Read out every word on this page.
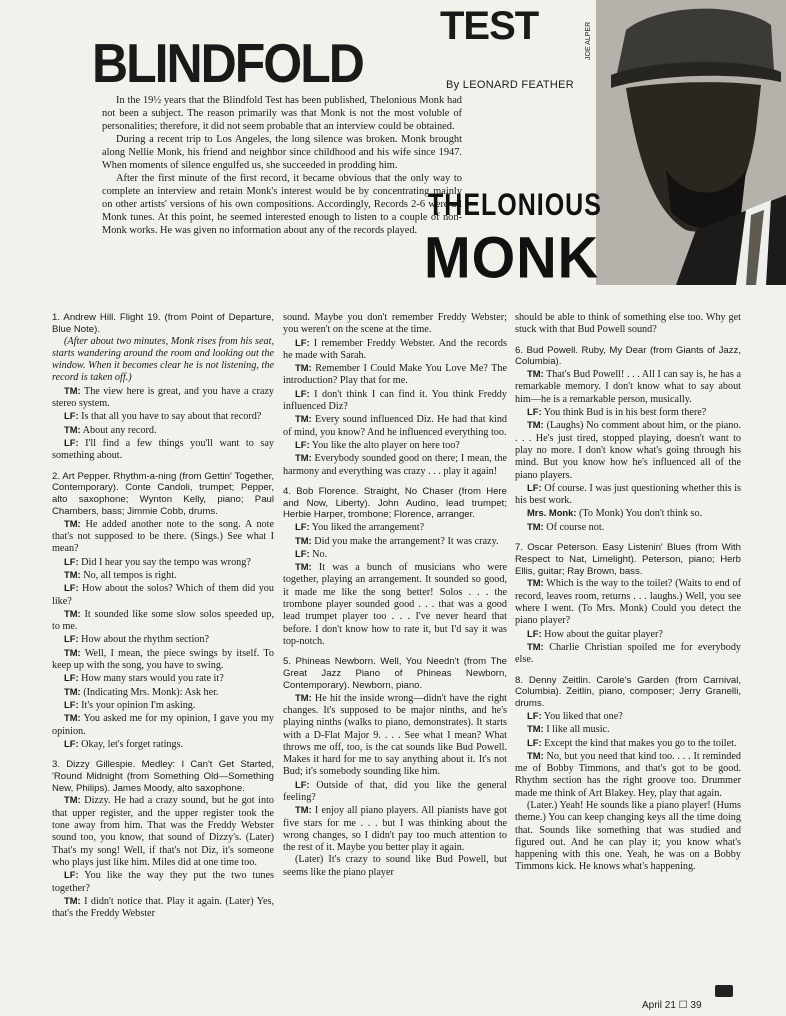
BLINDFOLD
TEST
By LEONARD FEATHER
JOE ALPER

In the 19½ years that the Blindfold Test has been published, Thelonious Monk had not been a subject. The reason primarily was that Monk is not the most voluble of personalities; therefore, it did not seem probable that an interview could be obtained.

During a recent trip to Los Angeles, the long silence was broken. Monk brought along Nellie Monk, his friend and neighbor since childhood and his wife since 1947. When moments of silence engulfed us, she succeeded in prodding him.

After the first minute of the first record, it became obvious that the only way to complete an interview and retain Monk's interest would be by concentrating mainly on other artists' versions of his own compositions. Accordingly, Records 2-6 were all Monk tunes. At this point, he seemed interested enough to listen to a couple of non-Monk works. He was given no information about any of the records played.

THELONIOUS
MONK

1. Andrew Hill. Flight 19. (from Point of Departure, Blue Note).

(After about two minutes, Monk rises from his seat, starts wandering around the room and looking out the window. When it becomes clear he is not listening, the record is taken off.)

TM: The view here is great, and you have a crazy stereo system.

LF: Is that all you have to say about that record?

TM: About any record.

LF: I'll find a few things you'll want to say something about.

2. Art Pepper. Rhythm-a-ning (from Gettin' Together, Contemporary). Conte Candoli, trumpet; Pepper, alto saxophone; Wynton Kelly, piano; Paul Chambers, bass; Jimmie Cobb, drums.

TM: He added another note to the song. A note that's not supposed to be there. (Sings.) See what I mean?

LF: Did I hear you say the tempo was wrong?

TM: No, all tempos is right.

LF: How about the solos? Which of them did you like?

TM: It sounded like some slow solos speeded up, to me.

LF: How about the rhythm section?

TM: Well, I mean, the piece swings by itself. To keep up with the song, you have to swing.

LF: How many stars would you rate it?

TM: (Indicating Mrs. Monk): Ask her.

LF: It's your opinion I'm asking.

TM: You asked me for my opinion, I gave you my opinion.

LF: Okay, let's forget ratings.

3. Dizzy Gillespie. Medley: I Can't Get Started, 'Round Midnight (from Something Old—Something New, Philips). James Moody, alto saxophone.

TM: Dizzy. He had a crazy sound, but he got into that upper register, and the upper register took the tone away from him. That was the Freddy Webster sound too, you know, that sound of Dizzy's. (Later) That's my song! Well, if that's not Diz, it's someone who plays just like him. Miles did at one time too.

LF: You like the way they put the two tunes together?

TM: I didn't notice that. Play it again. (Later) Yes, that's the Freddy Webster

sound. Maybe you don't remember Freddy Webster; you weren't on the scene at the time.

LF: I remember Freddy Webster. And the records he made with Sarah.

TM: Remember I Could Make You Love Me? The introduction? Play that for me.

LF: I don't think I can find it. You think Freddy influenced Diz?

TM: Every sound influenced Diz. He had that kind of mind, you know? And he influenced everything too.

LF: You like the alto player on here too?

TM: Everybody sounded good on there; I mean, the harmony and everything was crazy . . . play it again!

4. Bob Florence. Straight, No Chaser (from Here and Now, Liberty). John Audino, lead trumpet; Herbie Harper, trombone; Florence, arranger.

LF: You liked the arrangement?

TM: Did you make the arrangement? It was crazy.

LF: No.

TM: It was a bunch of musicians who were together, playing an arrangement. It sounded so good, it made me like the song better! Solos . . . the trombone player sounded good . . . that was a good lead trumpet player too . . . I've never heard that before. I don't know how to rate it, but I'd say it was top-notch.

5. Phineas Newborn. Well, You Needn't (from The Great Jazz Piano of Phineas Newborn, Contemporary). Newborn, piano.

TM: He hit the inside wrong—didn't have the right changes. It's supposed to be major ninths, and he's playing ninths (walks to piano, demonstrates). It starts with a D-Flat Major 9. . . . See what I mean? What throws me off, too, is the cat sounds like Bud Powell. Makes it hard for me to say anything about it. It's not Bud; it's somebody sounding like him.

LF: Outside of that, did you like the general feeling?

TM: I enjoy all piano players. All pianists have got five stars for me . . . but I was thinking about the wrong changes, so I didn't pay too much attention to the rest of it. Maybe you better play it again.

(Later) It's crazy to sound like Bud Powell, but seems like the piano player

should be able to think of something else too. Why get stuck with that Bud Powell sound?

6. Bud Powell. Ruby, My Dear (from Giants of Jazz, Columbia).

TM: That's Bud Powell! . . . All I can say is, he has a remarkable memory. I don't know what to say about him—he is a remarkable person, musically.

LF: You think Bud is in his best form there?

TM: (Laughs) No comment about him, or the piano. . . . He's just tired, stopped playing, doesn't want to play no more. I don't know what's going through his mind. But you know how he's influenced all of the piano players.

LF: Of course. I was just questioning whether this is his best work.

Mrs. Monk: (To Monk) You don't think so.

TM: Of course not.

7. Oscar Peterson. Easy Listenin' Blues (from With Respect to Nat, Limelight). Peterson, piano; Herb Ellis, guitar; Ray Brown, bass.

TM: Which is the way to the toilet? (Waits to end of record, leaves room, returns . . . laughs.) Well, you see where I went. (To Mrs. Monk) Could you detect the piano player?

LF: How about the guitar player?

TM: Charlie Christian spoiled me for everybody else.

8. Denny Zeitlin. Carole's Garden (from Carnival, Columbia). Zeitlin, piano, composer; Jerry Granelli, drums.

LF: You liked that one?

TM: I like all music.

LF: Except the kind that makes you go to the toilet.

TM: No, but you need that kind too. . . . It reminded me of Bobby Timmons, and that's got to be good. Rhythm section has the right groove too. Drummer made me think of Art Blakey. Hey, play that again.

(Later.) Yeah! He sounds like a piano player! (Hums theme.) You can keep changing keys all the time doing that. Sounds like something that was studied and figured out. And he can play it; you know what's happening with this one. Yeah, he was on a Bobby Timmons kick. He knows what's happening.

April 21 ☐ 39
